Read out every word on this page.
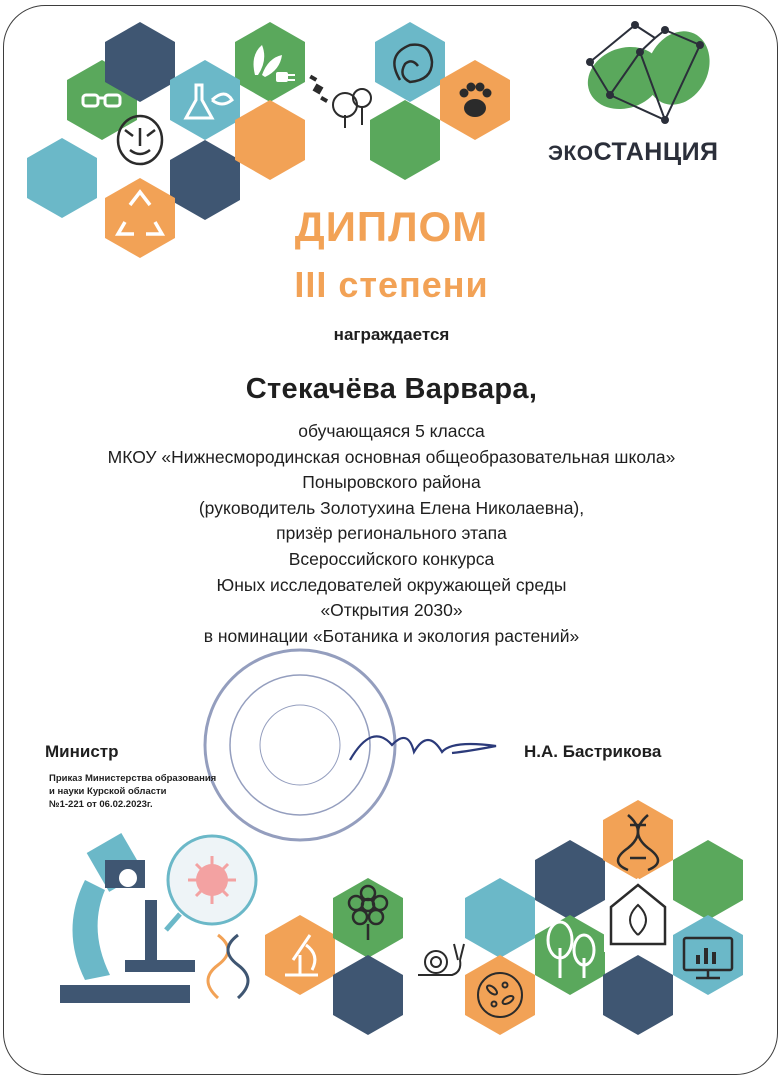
ЭКОСТАНЦИЯ
ДИПЛОМ
III степени
награждается
Стекачёва Варвара,
обучающаяся 5 класса
МКОУ «Нижнесмородинская основная общеобразовательная школа»
Поныровского района
(руководитель Золотухина Елена Николаевна),
призёр регионального этапа
Всероссийского конкурса
Юных исследователей окружающей среды
«Открытия 2030»
в номинации «Ботаника и экология растений»
Министр	Н.А. Бастрикова
Приказ Министерства образования
и науки Курской области
№1-221 от 06.02.2023г.
